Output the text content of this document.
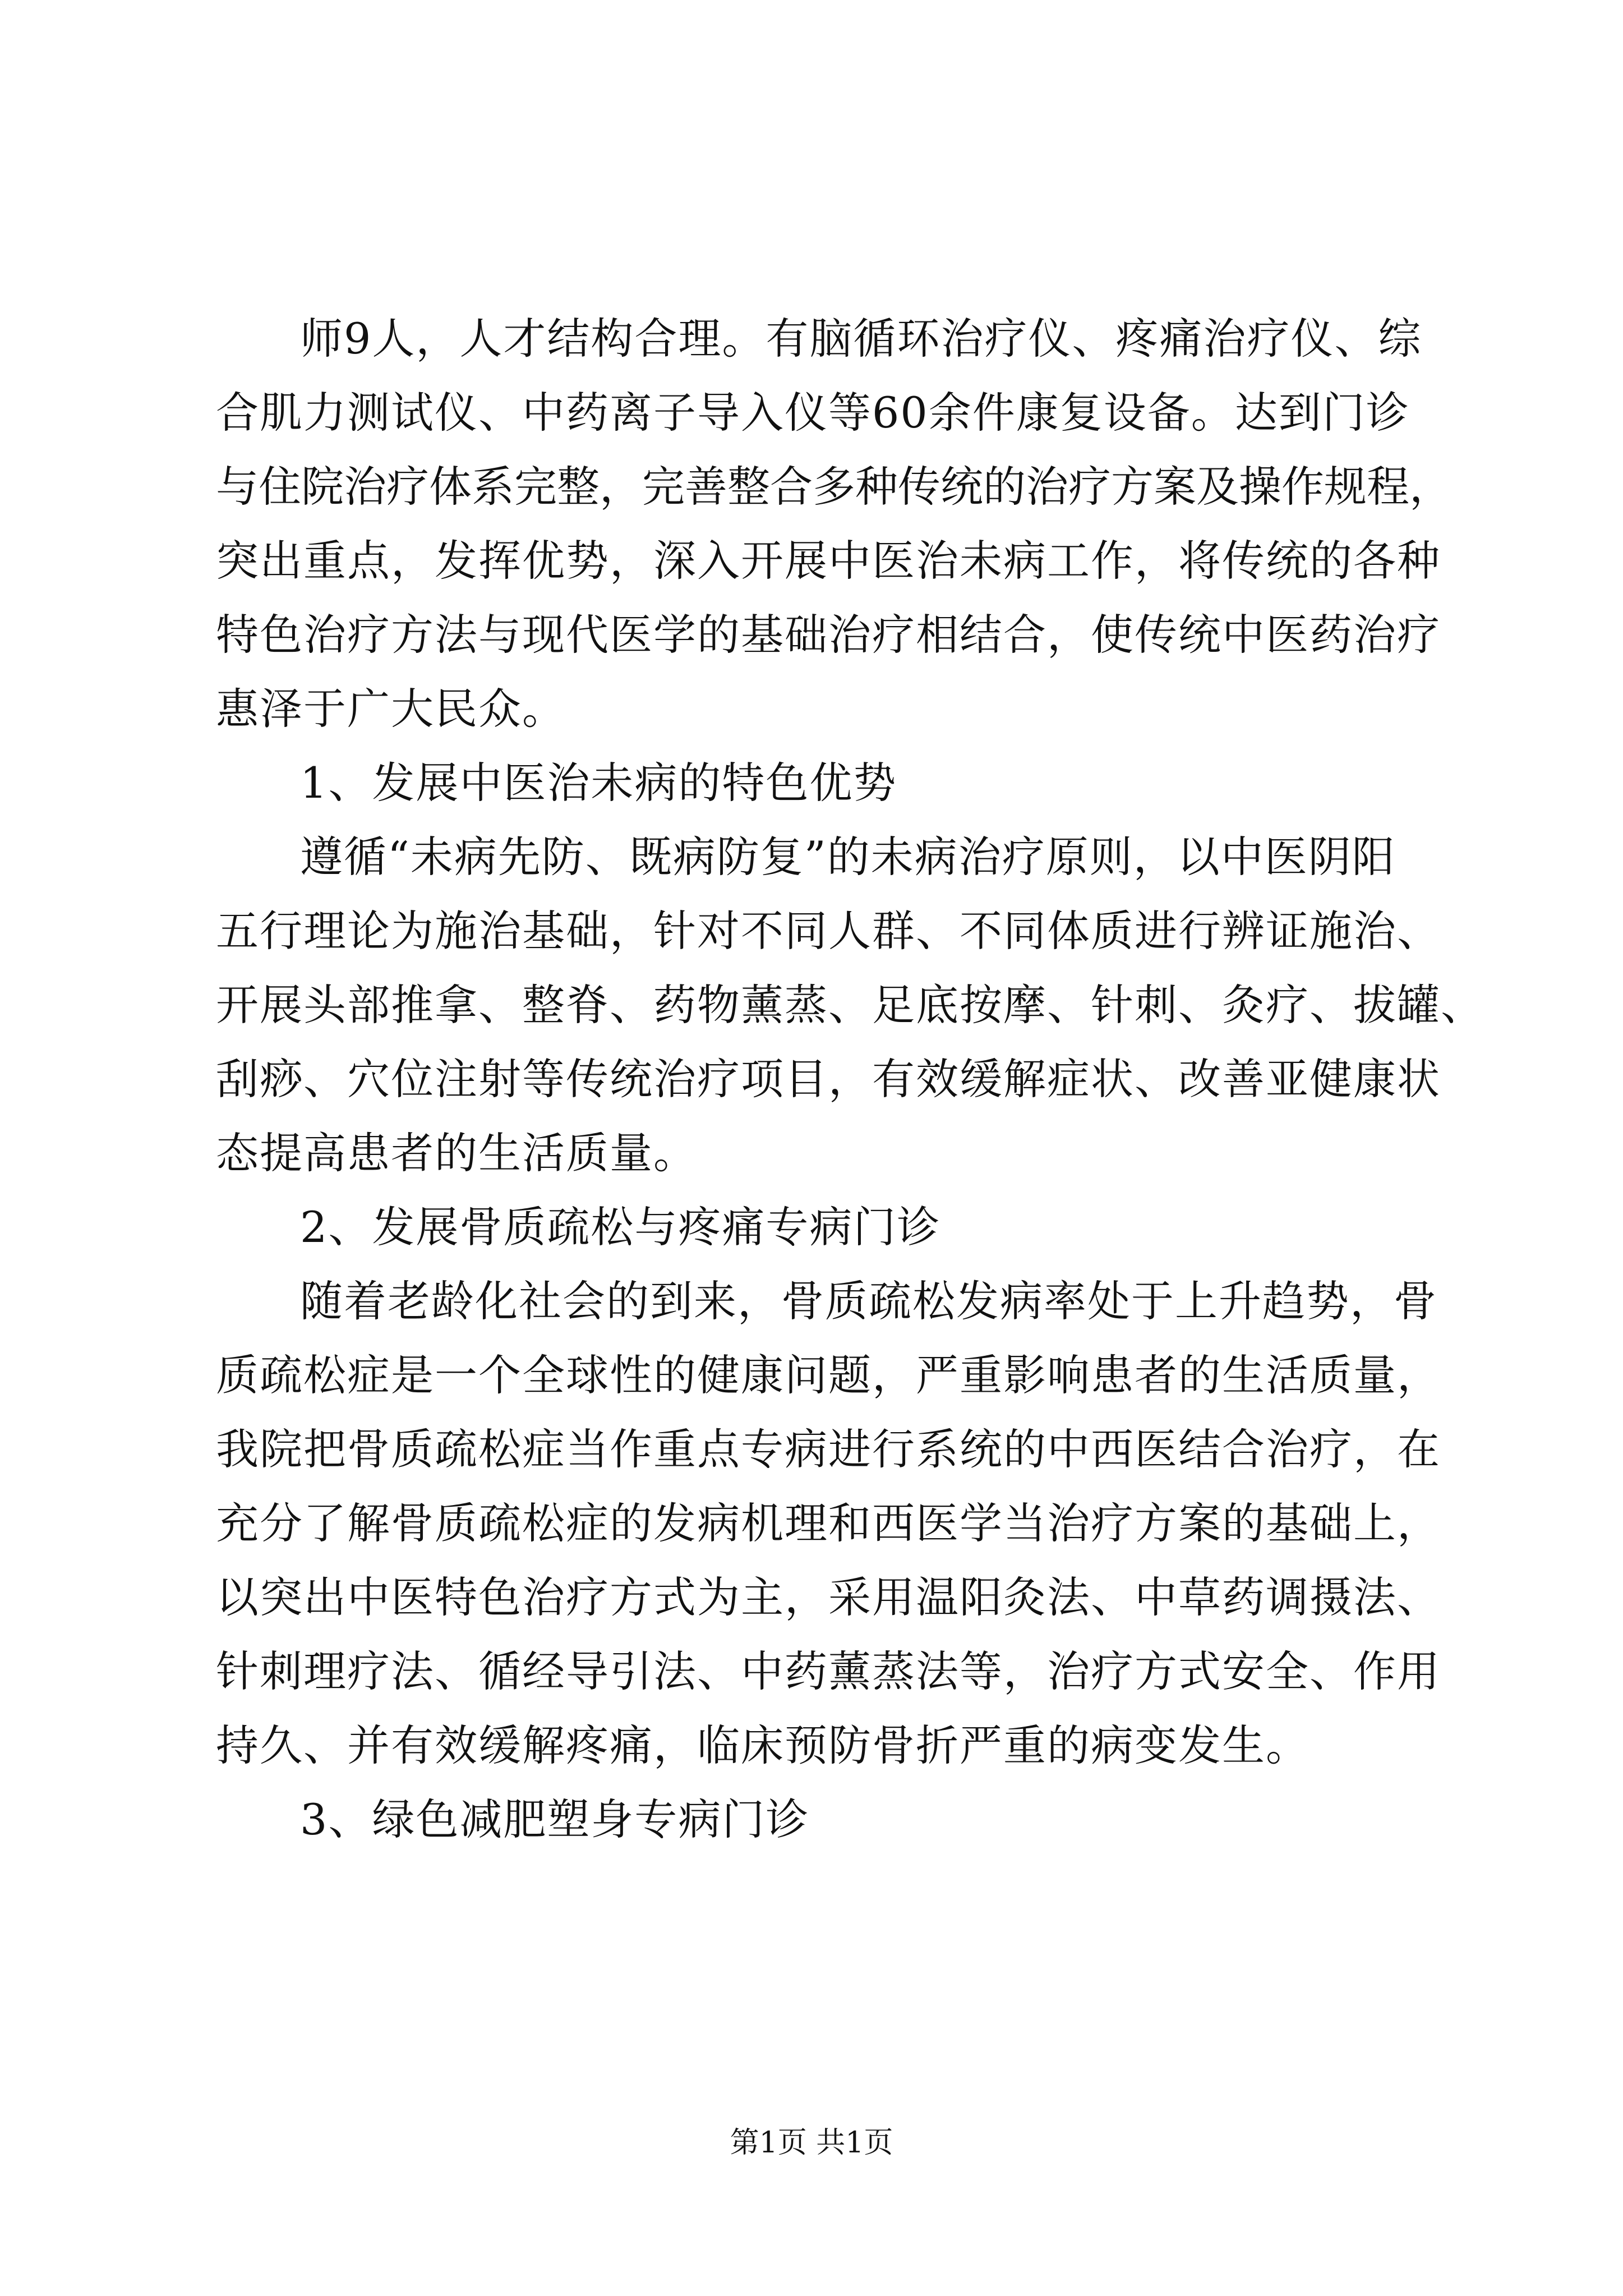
师9人，人才结构合理。有脑循环治疗仪、疼痛治疗仪、综
合肌力测试仪、中药离子导入仪等60余件康复设备。达到门诊
与住院治疗体系完整，完善整合多种传统的治疗方案及操作规程，
突出重点，发挥优势，深入开展中医治未病工作，将传统的各种
特色治疗方法与现代医学的基础治疗相结合，使传统中医药治疗
惠泽于广大民众。
1、发展中医治未病的特色优势
遵循“未病先防、既病防复”的未病治疗原则，以中医阴阳
五行理论为施治基础，针对不同人群、不同体质进行辨证施治、
开展头部推拿、整脊、药物薰蒸、足底按摩、针刺、灸疗、拔罐、
刮痧、穴位注射等传统治疗项目，有效缓解症状、改善亚健康状
态提高患者的生活质量。
2、发展骨质疏松与疼痛专病门诊
随着老龄化社会的到来，骨质疏松发病率处于上升趋势，骨
质疏松症是一个全球性的健康问题，严重影响患者的生活质量，
我院把骨质疏松症当作重点专病进行系统的中西医结合治疗，在
充分了解骨质疏松症的发病机理和西医学当治疗方案的基础上，
以突出中医特色治疗方式为主，采用温阳灸法、中草药调摄法、
针刺理疗法、循经导引法、中药薰蒸法等，治疗方式安全、作用
持久、并有效缓解疼痛，临床预防骨折严重的病变发生。
3、绿色减肥塑身专病门诊
第1页 共1页
